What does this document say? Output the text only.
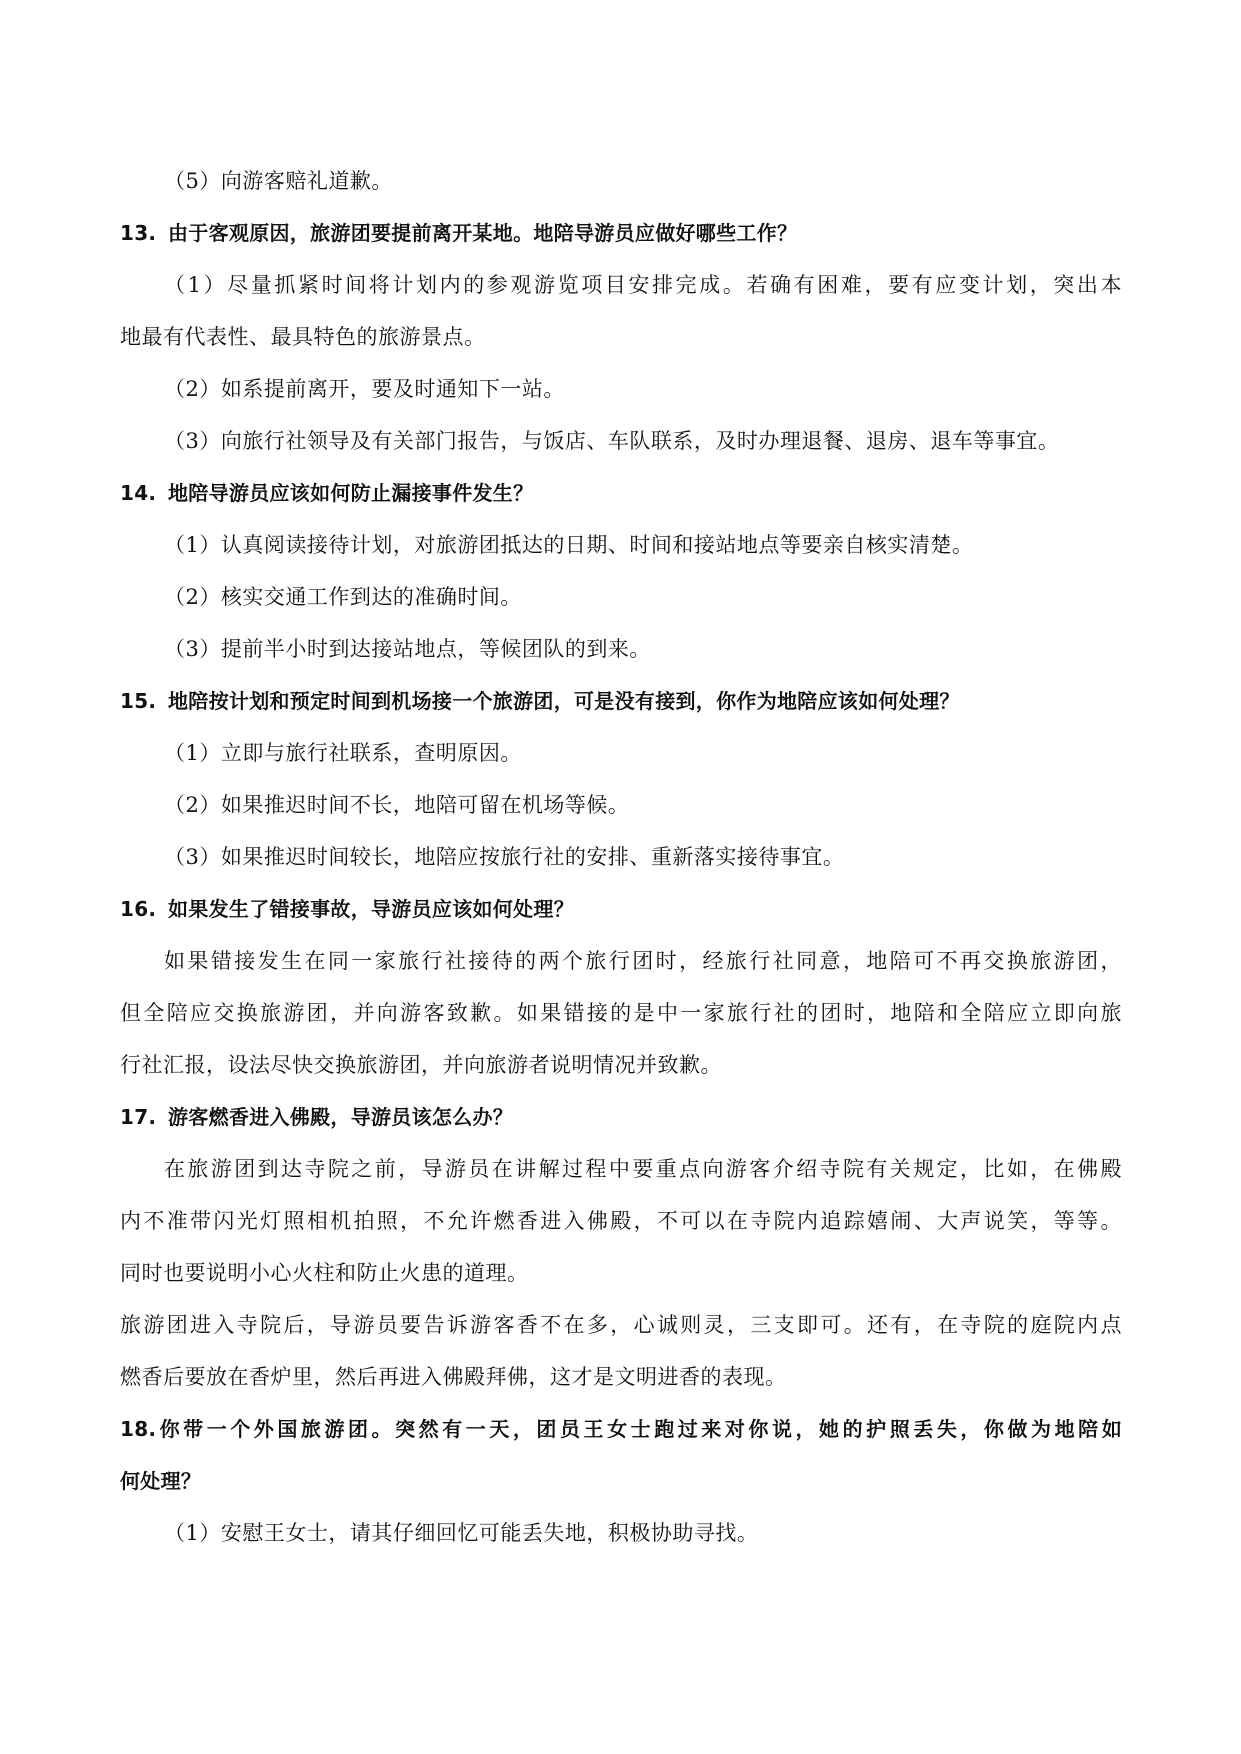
（5）向游客赔礼道歉。
13. 由于客观原因，旅游团要提前离开某地。地陪导游员应做好哪些工作？
（1）尽量抓紧时间将计划内的参观游览项目安排完成。若确有困难，要有应变计划，突出本
地最有代表性、最具特色的旅游景点。
（2）如系提前离开，要及时通知下一站。
（3）向旅行社领导及有关部门报告，与饭店、车队联系，及时办理退餐、退房、退车等事宜。
14. 地陪导游员应该如何防止漏接事件发生？
（1）认真阅读接待计划，对旅游团抵达的日期、时间和接站地点等要亲自核实清楚。
（2）核实交通工作到达的准确时间。
（3）提前半小时到达接站地点，等候团队的到来。
15. 地陪按计划和预定时间到机场接一个旅游团，可是没有接到，你作为地陪应该如何处理？
（1）立即与旅行社联系，查明原因。
（2）如果推迟时间不长，地陪可留在机场等候。
（3）如果推迟时间较长，地陪应按旅行社的安排、重新落实接待事宜。
16. 如果发生了错接事故，导游员应该如何处理？
如果错接发生在同一家旅行社接待的两个旅行团时，经旅行社同意，地陪可不再交换旅游团，
但全陪应交换旅游团，并向游客致歉。如果错接的是中一家旅行社的团时，地陪和全陪应立即向旅
行社汇报，设法尽快交换旅游团，并向旅游者说明情况并致歉。
17. 游客燃香进入佛殿，导游员该怎么办？
在旅游团到达寺院之前，导游员在讲解过程中要重点向游客介绍寺院有关规定，比如，在佛殿
内不准带闪光灯照相机拍照，不允许燃香进入佛殿，不可以在寺院内追踪嬉闹、大声说笑，等等。
同时也要说明小心火柱和防止火患的道理。
旅游团进入寺院后，导游员要告诉游客香不在多，心诚则灵，三支即可。还有，在寺院的庭院内点
燃香后要放在香炉里，然后再进入佛殿拜佛，这才是文明进香的表现。
18.你带一个外国旅游团。突然有一天，团员王女士跑过来对你说，她的护照丢失，你做为地陪如
何处理？
（1）安慰王女士，请其仔细回忆可能丢失地，积极协助寻找。
